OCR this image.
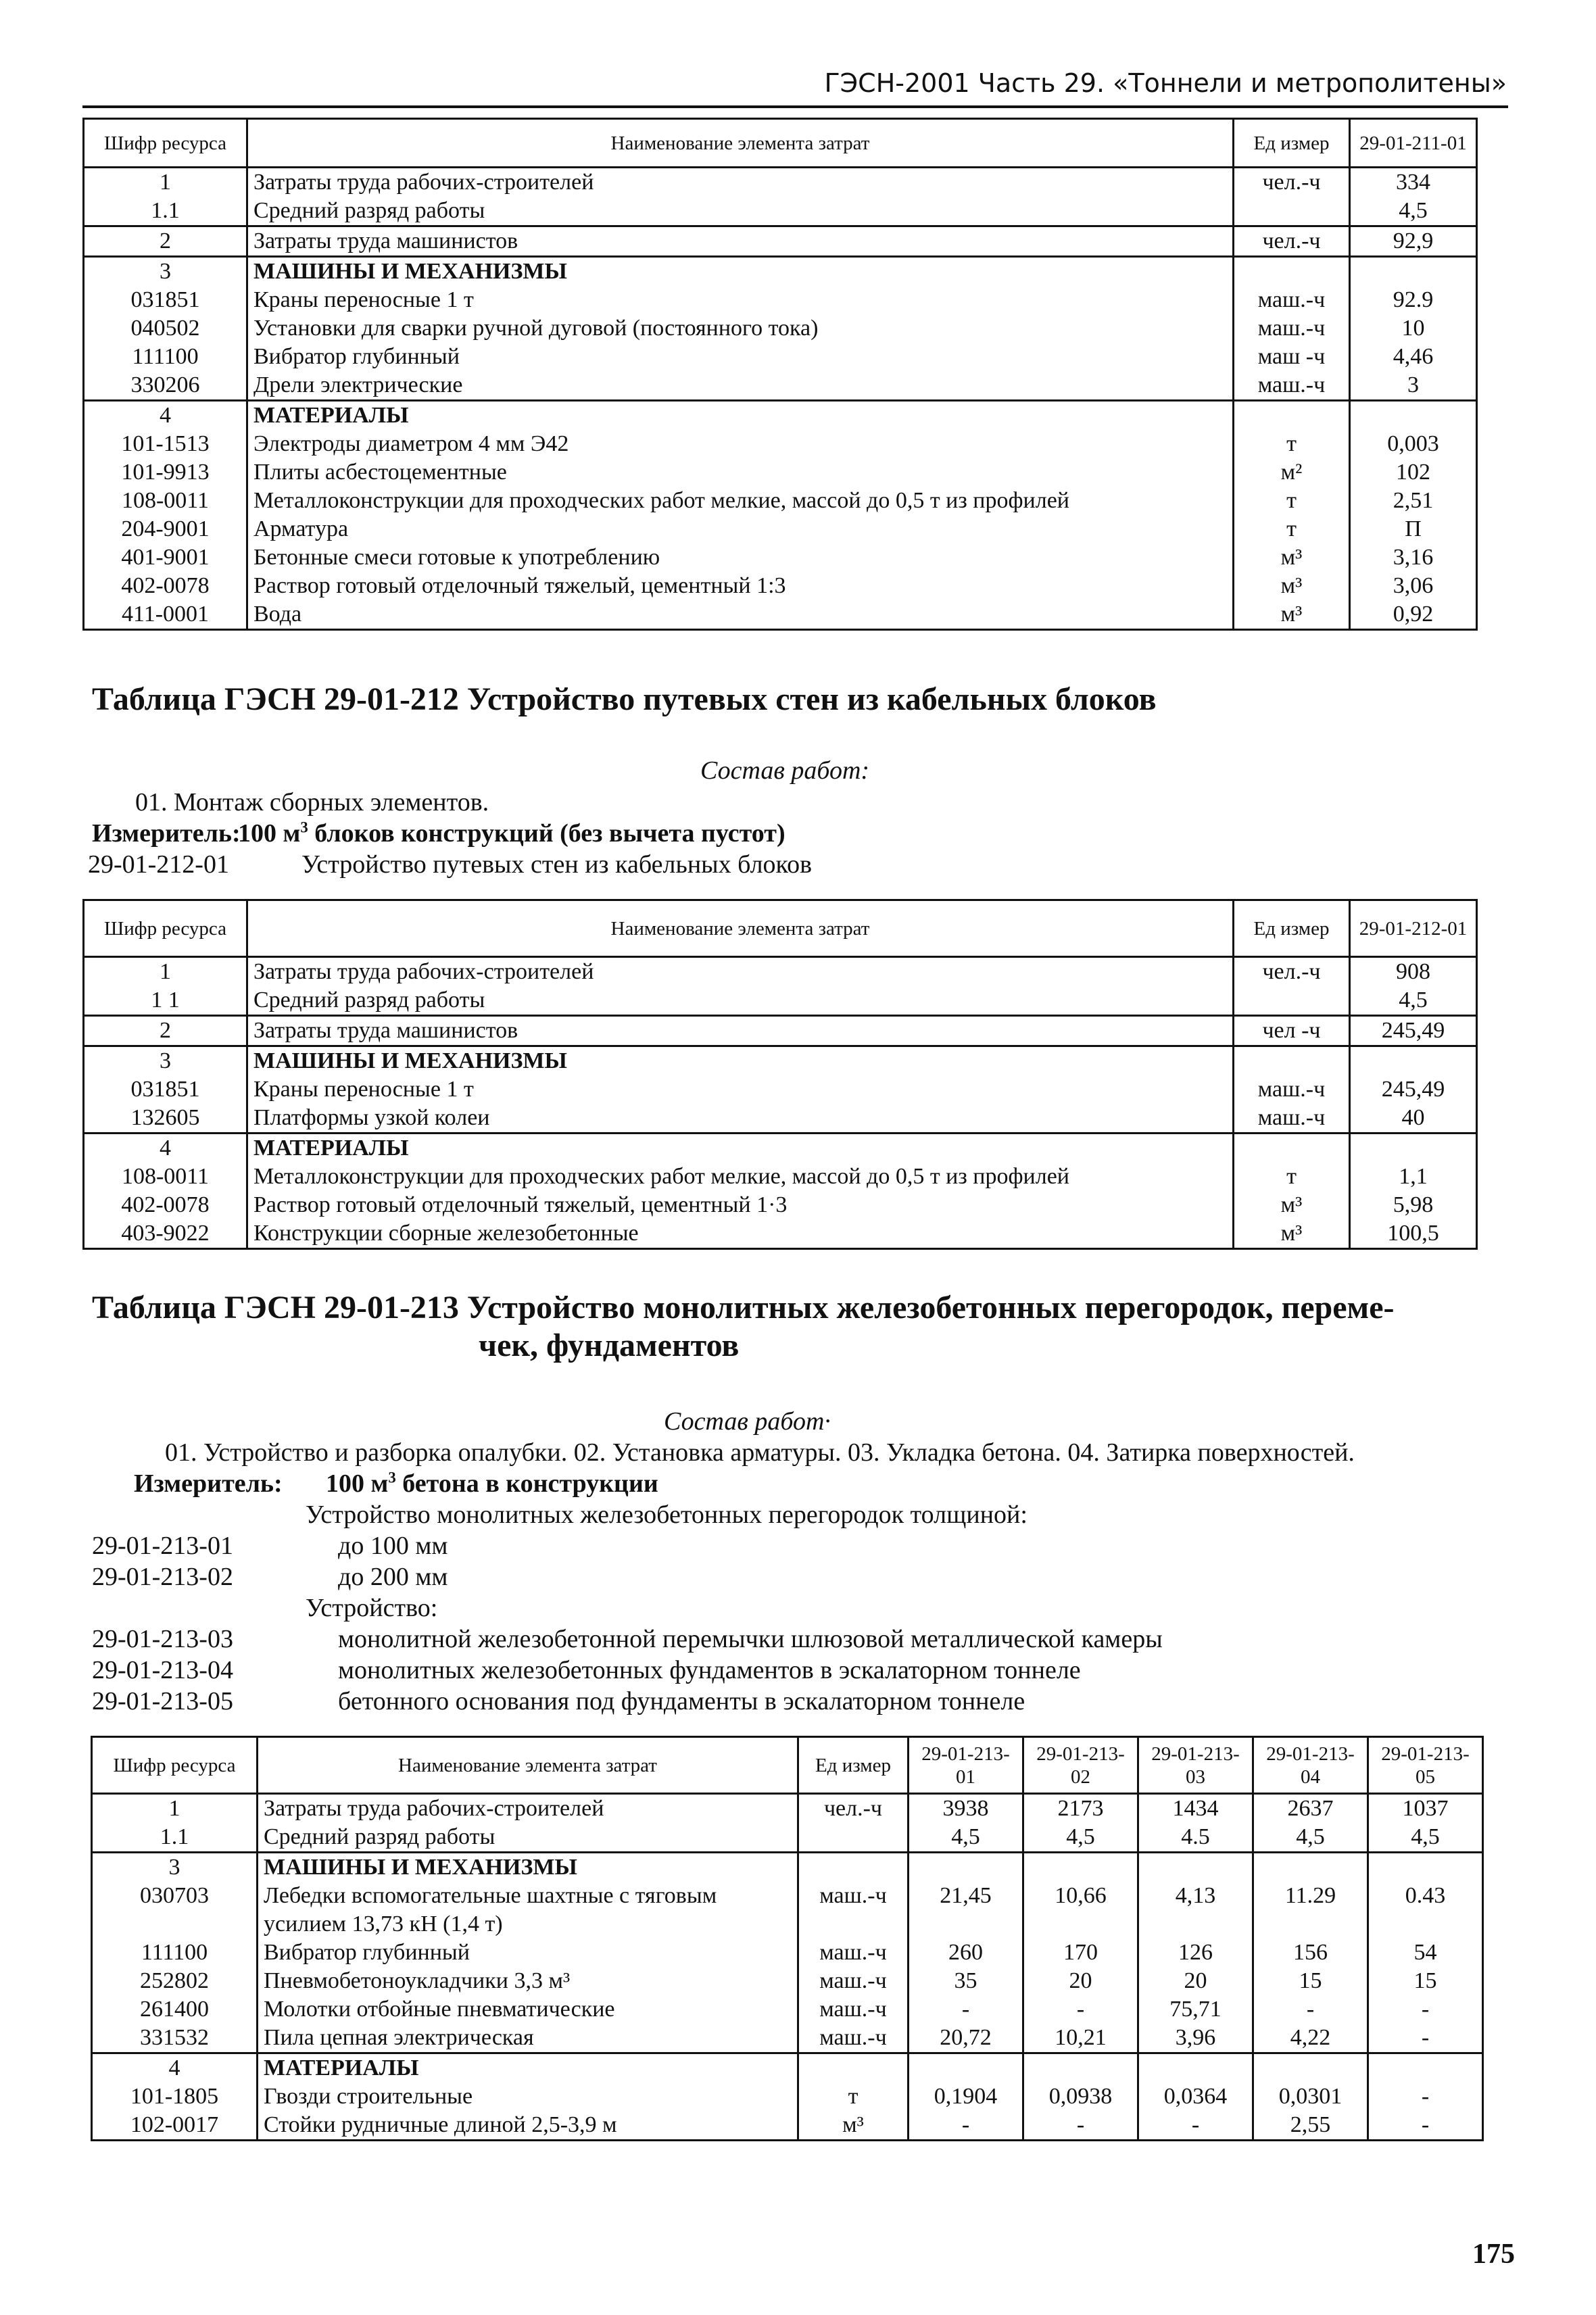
ГЭСН-2001 Часть 29. «Тоннели и метрополитены»
Шифр ресурса	Наименование элемента затрат	Ед измер	29-01-211-01
1	Затраты труда рабочих-строителей	чел.-ч	334
1.1	Средний разряд работы		4,5
2	Затраты труда машинистов	чел.-ч	92,9
3	МАШИНЫ И МЕХАНИЗМЫ		
031851	Краны переносные 1 т	маш.-ч	92.9
040502	Установки для сварки ручной дуговой (постоянного тока)	маш.-ч	10
111100	Вибратор глубинный	маш -ч	4,46
330206	Дрели электрические	маш.-ч	3
4	МАТЕРИАЛЫ		
101-1513	Электроды диаметром 4 мм Э42	т	0,003
101-9913	Плиты асбестоцементные	м²	102
108-0011	Металлоконструкции для проходческих работ мелкие, массой до 0,5 т из профилей	т	2,51
204-9001	Арматура	т	П
401-9001	Бетонные смеси готовые к употреблению	м³	3,16
402-0078	Раствор готовый отделочный тяжелый, цементный 1:3	м³	3,06
411-0001	Вода	м³	0,92
Таблица ГЭСН 29-01-212 Устройство путевых стен из кабельных блоков
Состав работ:
01. Монтаж сборных элементов.
Измеритель:
100 $м^3$ блоков конструкций (без вычета пустот)
29-01-212-01	Устройство путевых стен из кабельных блоков
Шифр ресурса	Наименование элемента затрат	Ед измер	29-01-212-01
1	Затраты труда рабочих-строителей	чел.-ч	908
1 1	Средний разряд работы		4,5
2	Затраты труда машинистов	чел -ч	245,49
3	МАШИНЫ И МЕХАНИЗМЫ		
031851	Краны переносные 1 т	маш.-ч	245,49
132605	Платформы узкой колеи	маш.-ч	40
4	МАТЕРИАЛЫ		
108-0011	Металлоконструкции для проходческих работ мелкие, массой до 0,5 т из профилей	т	1,1
402-0078	Раствор готовый отделочный тяжелый, цементный 1·3	м³	5,98
403-9022	Конструкции сборные железобетонные	м³	100,5
Таблица ГЭСН 29-01-213 Устройство монолитных железобетонных перегородок, переме-
чек, фундаментов
Состав работ·
01. Устройство и разборка опалубки. 02. Установка арматуры. 03. Укладка бетона. 04. Затирка поверхностей.
Измеритель: 100 $м^3$ бетона в конструкции
Устройство монолитных железобетонных перегородок толщиной:
29-01-213-01	до 100 мм
29-01-213-02	до 200 мм
Устройство:
29-01-213-03	монолитной железобетонной перемычки шлюзовой металлической камеры
29-01-213-04	монолитных железобетонных фундаментов в эскалаторном тоннеле
29-01-213-05	бетонного основания под фундаменты в эскалаторном тоннеле
Шифр ресурса	Наименование элемента затрат	Ед измер	29-01-213-01	29-01-213-02	29-01-213-03	29-01-213-04	29-01-213-05
1	Затраты труда рабочих-строителей	чел.-ч	3938	2173	1434	2637	1037
1.1	Средний разряд работы		4,5	4,5	4.5	4,5	4,5
3	МАШИНЫ И МЕХАНИЗМЫ						
030703	Лебедки вспомогательные шахтные с тяговым	маш.-ч	21,45	10,66	4,13	11.29	0.43
	усилием 13,73 кН (1,4 т)						
111100	Вибратор глубинный	маш.-ч	260	170	126	156	54
252802	Пневмобетоноукладчики 3,3 м³	маш.-ч	35	20	20	15	15
261400	Молотки отбойные пневматические	маш.-ч	-	-	75,71	-	-
331532	Пила цепная электрическая	маш.-ч	20,72	10,21	3,96	4,22	-
4	МАТЕРИАЛЫ						
101-1805	Гвозди строительные	т	0,1904	0,0938	0,0364	0,0301	-
102-0017	Стойки рудничные длиной 2,5-3,9 м	м³	-	-	-	2,55	-
175
